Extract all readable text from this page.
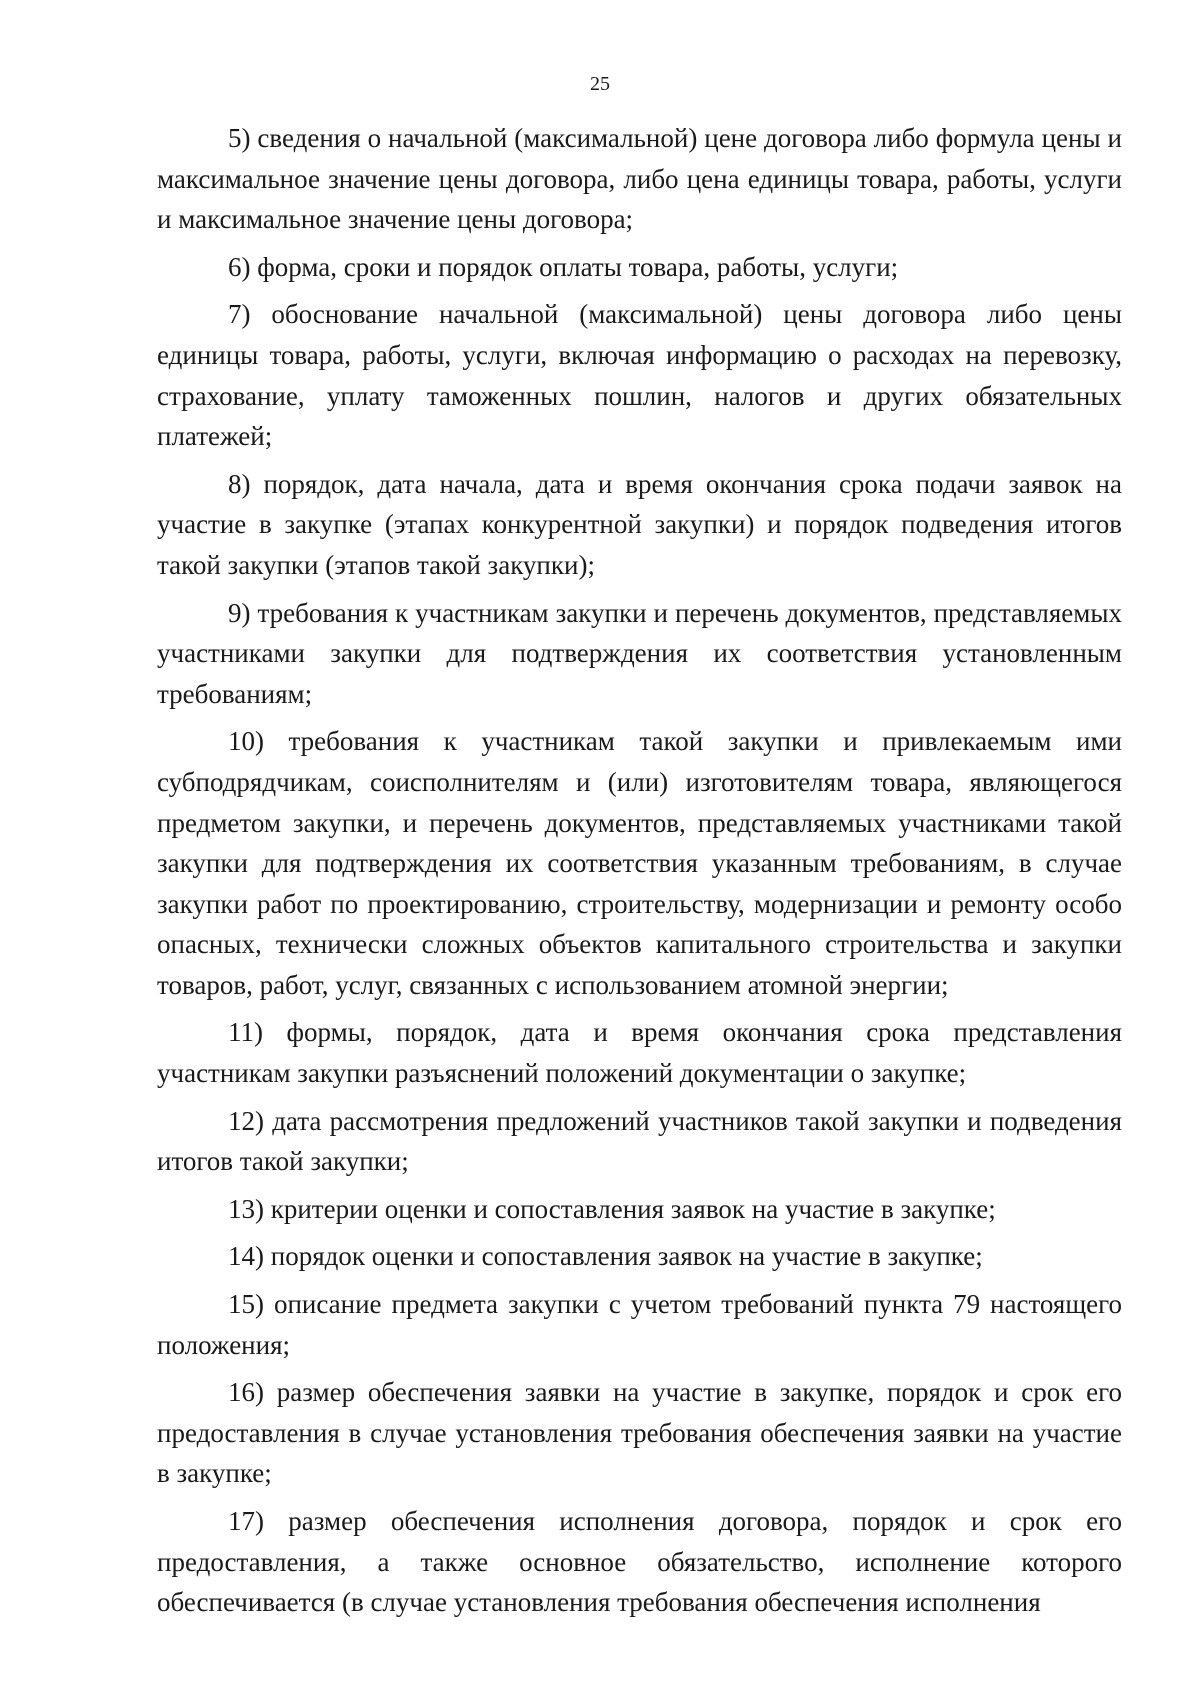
25

5) сведения о начальной (максимальной) цене договора либо формула цены и максимальное значение цены договора, либо цена единицы товара, работы, услуги и максимальное значение цены договора;

6) форма, сроки и порядок оплаты товара, работы, услуги;

7) обоснование начальной (максимальной) цены договора либо цены единицы товара, работы, услуги, включая информацию о расходах на перевозку, страхование, уплату таможенных пошлин, налогов и других обязательных платежей;

8) порядок, дата начала, дата и время окончания срока подачи заявок на участие в закупке (этапах конкурентной закупки) и порядок подведения итогов такой закупки (этапов такой закупки);

9) требования к участникам закупки и перечень документов, представляемых участниками закупки для подтверждения их соответствия установленным требованиям;

10) требования к участникам такой закупки и привлекаемым ими субподрядчикам, соисполнителям и (или) изготовителям товара, являющегося предметом закупки, и перечень документов, представляемых участниками такой закупки для подтверждения их соответствия указанным требованиям, в случае закупки работ по проектированию, строительству, модернизации и ремонту особо опасных, технически сложных объектов капитального строительства и закупки товаров, работ, услуг, связанных с использованием атомной энергии;

11) формы, порядок, дата и время окончания срока представления участникам закупки разъяснений положений документации о закупке;

12) дата рассмотрения предложений участников такой закупки и подведения итогов такой закупки;

13) критерии оценки и сопоставления заявок на участие в закупке;

14) порядок оценки и сопоставления заявок на участие в закупке;

15) описание предмета закупки с учетом требований пункта 79 настоящего положения;

16) размер обеспечения заявки на участие в закупке, порядок и срок его предоставления в случае установления требования обеспечения заявки на участие в закупке;

17) размер обеспечения исполнения договора, порядок и срок его предоставления, а также основное обязательство, исполнение которого обеспечивается (в случае установления требования обеспечения исполнения
